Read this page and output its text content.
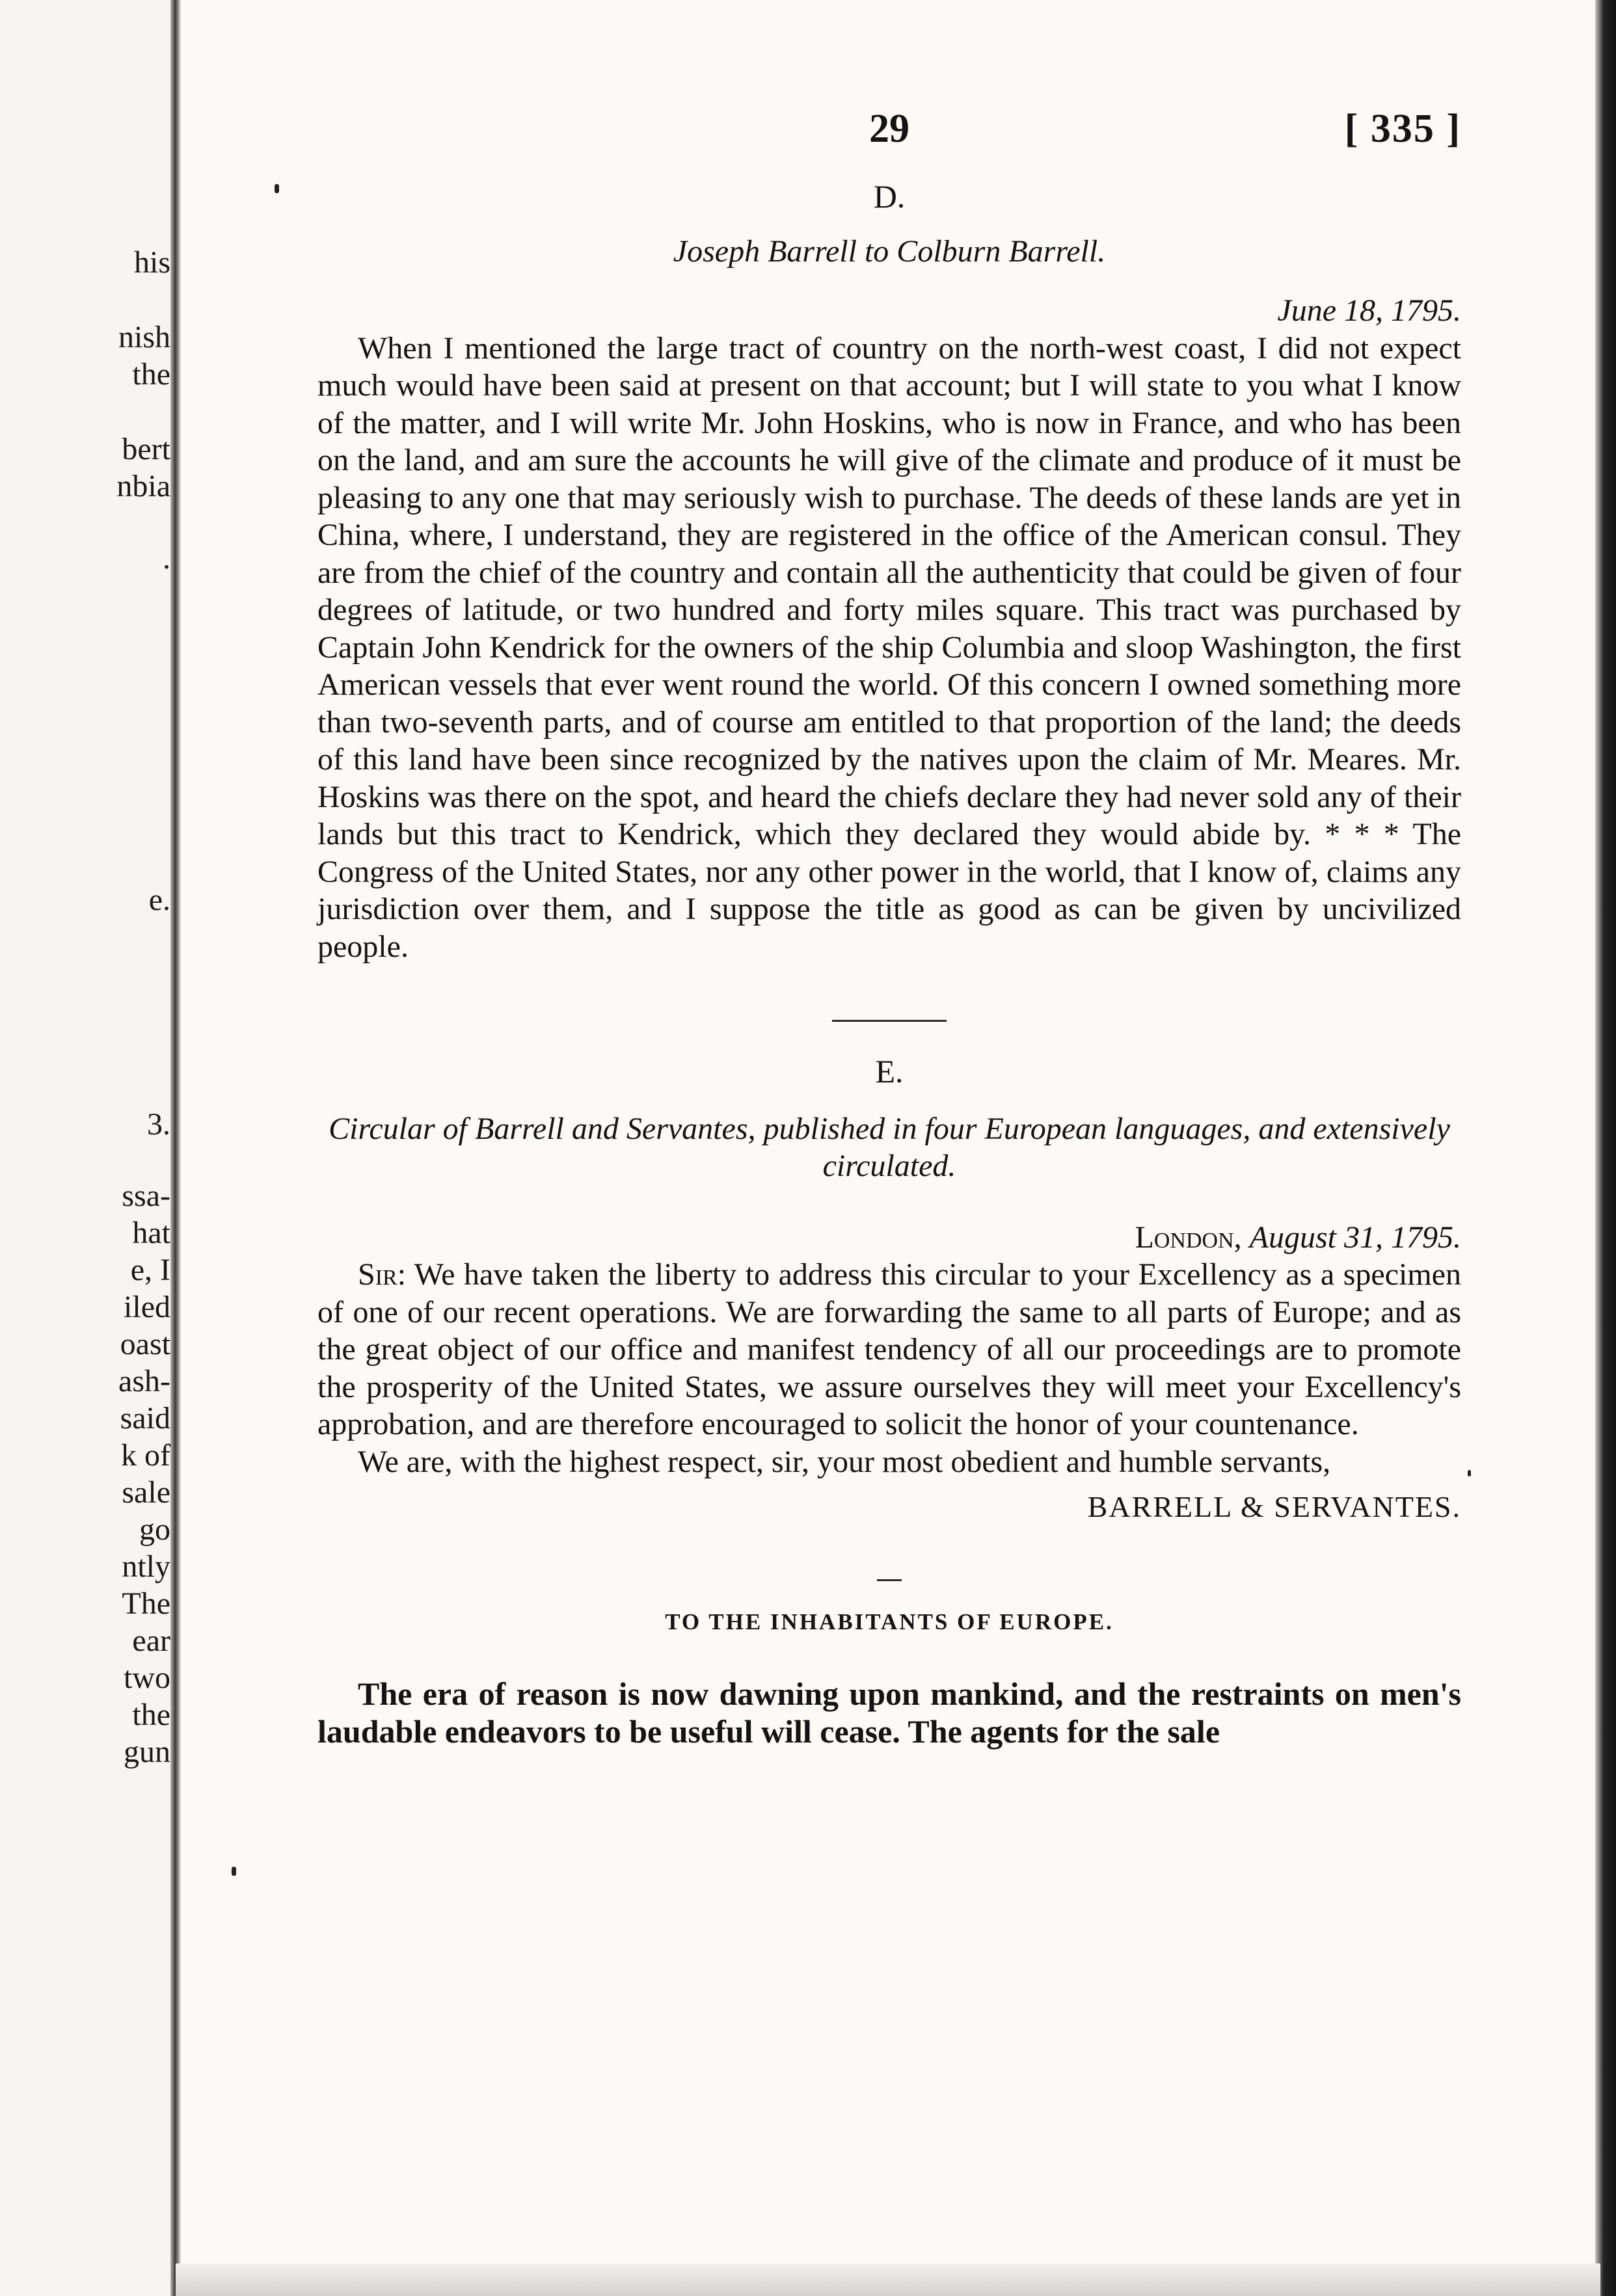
his
nish
the
bert
nbia
.
e.
3.
ssa-
hat
e, I
iled
oast
ash-
said
k of
sale
go
ntly
The
ear
two
the
gun
29	[ 335 ]
D.
Joseph Barrell to Colburn Barrell.
June 18, 1795.

When I mentioned the large tract of country on the north-west coast, I did not expect much would have been said at present on that account; but I will state to you what I know of the matter, and I will write Mr. John Hoskins, who is now in France, and who has been on the land, and am sure the accounts he will give of the climate and produce of it must be pleasing to any one that may seriously wish to purchase. The deeds of these lands are yet in China, where, I understand, they are registered in the office of the American consul. They are from the chief of the country and contain all the authenticity that could be given of four degrees of latitude, or two hundred and forty miles square. This tract was purchased by Captain John Kendrick for the owners of the ship Columbia and sloop Washington, the first American vessels that ever went round the world. Of this concern I owned something more than two-seventh parts, and of course am entitled to that proportion of the land; the deeds of this land have been since recognized by the natives upon the claim of Mr. Meares. Mr. Hoskins was there on the spot, and heard the chiefs declare they had never sold any of their lands but this tract to Kendrick, which they declared they would abide by. * * * The Congress of the United States, nor any other power in the world, that I know of, claims any jurisdiction over them, and I suppose the title as good as can be given by uncivilized people.

E.
Circular of Barrell and Servantes, published in four European languages, and extensively circulated.
London, August 31, 1795.

Sir: We have taken the liberty to address this circular to your Excellency as a specimen of one of our recent operations. We are forwarding the same to all parts of Europe; and as the great object of our office and manifest tendency of all our proceedings are to promote the prosperity of the United States, we assure ourselves they will meet your Excellency's approbation, and are therefore encouraged to solicit the honor of your countenance.

We are, with the highest respect, sir, your most obedient and humble servants,

BARRELL & SERVANTES.
TO THE INHABITANTS OF EUROPE.

The era of reason is now dawning upon mankind, and the restraints on men's laudable endeavors to be useful will cease. The agents for the sale
